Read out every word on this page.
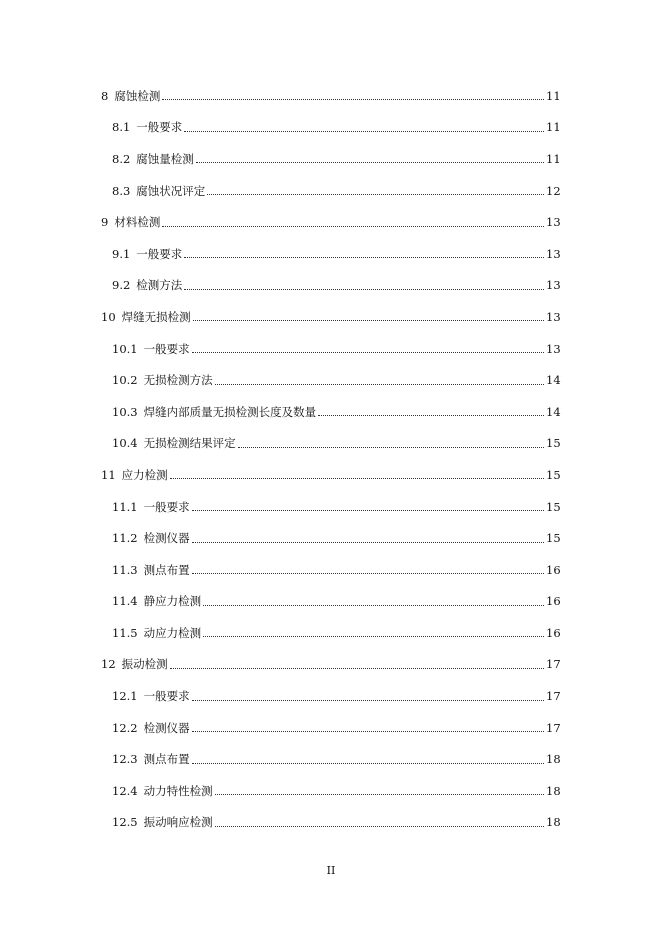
8 腐蚀检测	11
8.1 一般要求	11
8.2 腐蚀量检测	11
8.3 腐蚀状况评定	12
9 材料检测	13
9.1 一般要求	13
9.2 检测方法	13
10 焊缝无损检测	13
10.1 一般要求	13
10.2 无损检测方法	14
10.3 焊缝内部质量无损检测长度及数量	14
10.4 无损检测结果评定	15
11 应力检测	15
11.1 一般要求	15
11.2 检测仪器	15
11.3 测点布置	16
11.4 静应力检测	16
11.5 动应力检测	16
12 振动检测	17
12.1 一般要求	17
12.2 检测仪器	17
12.3 测点布置	18
12.4 动力特性检测	18
12.5 振动响应检测	18
II
